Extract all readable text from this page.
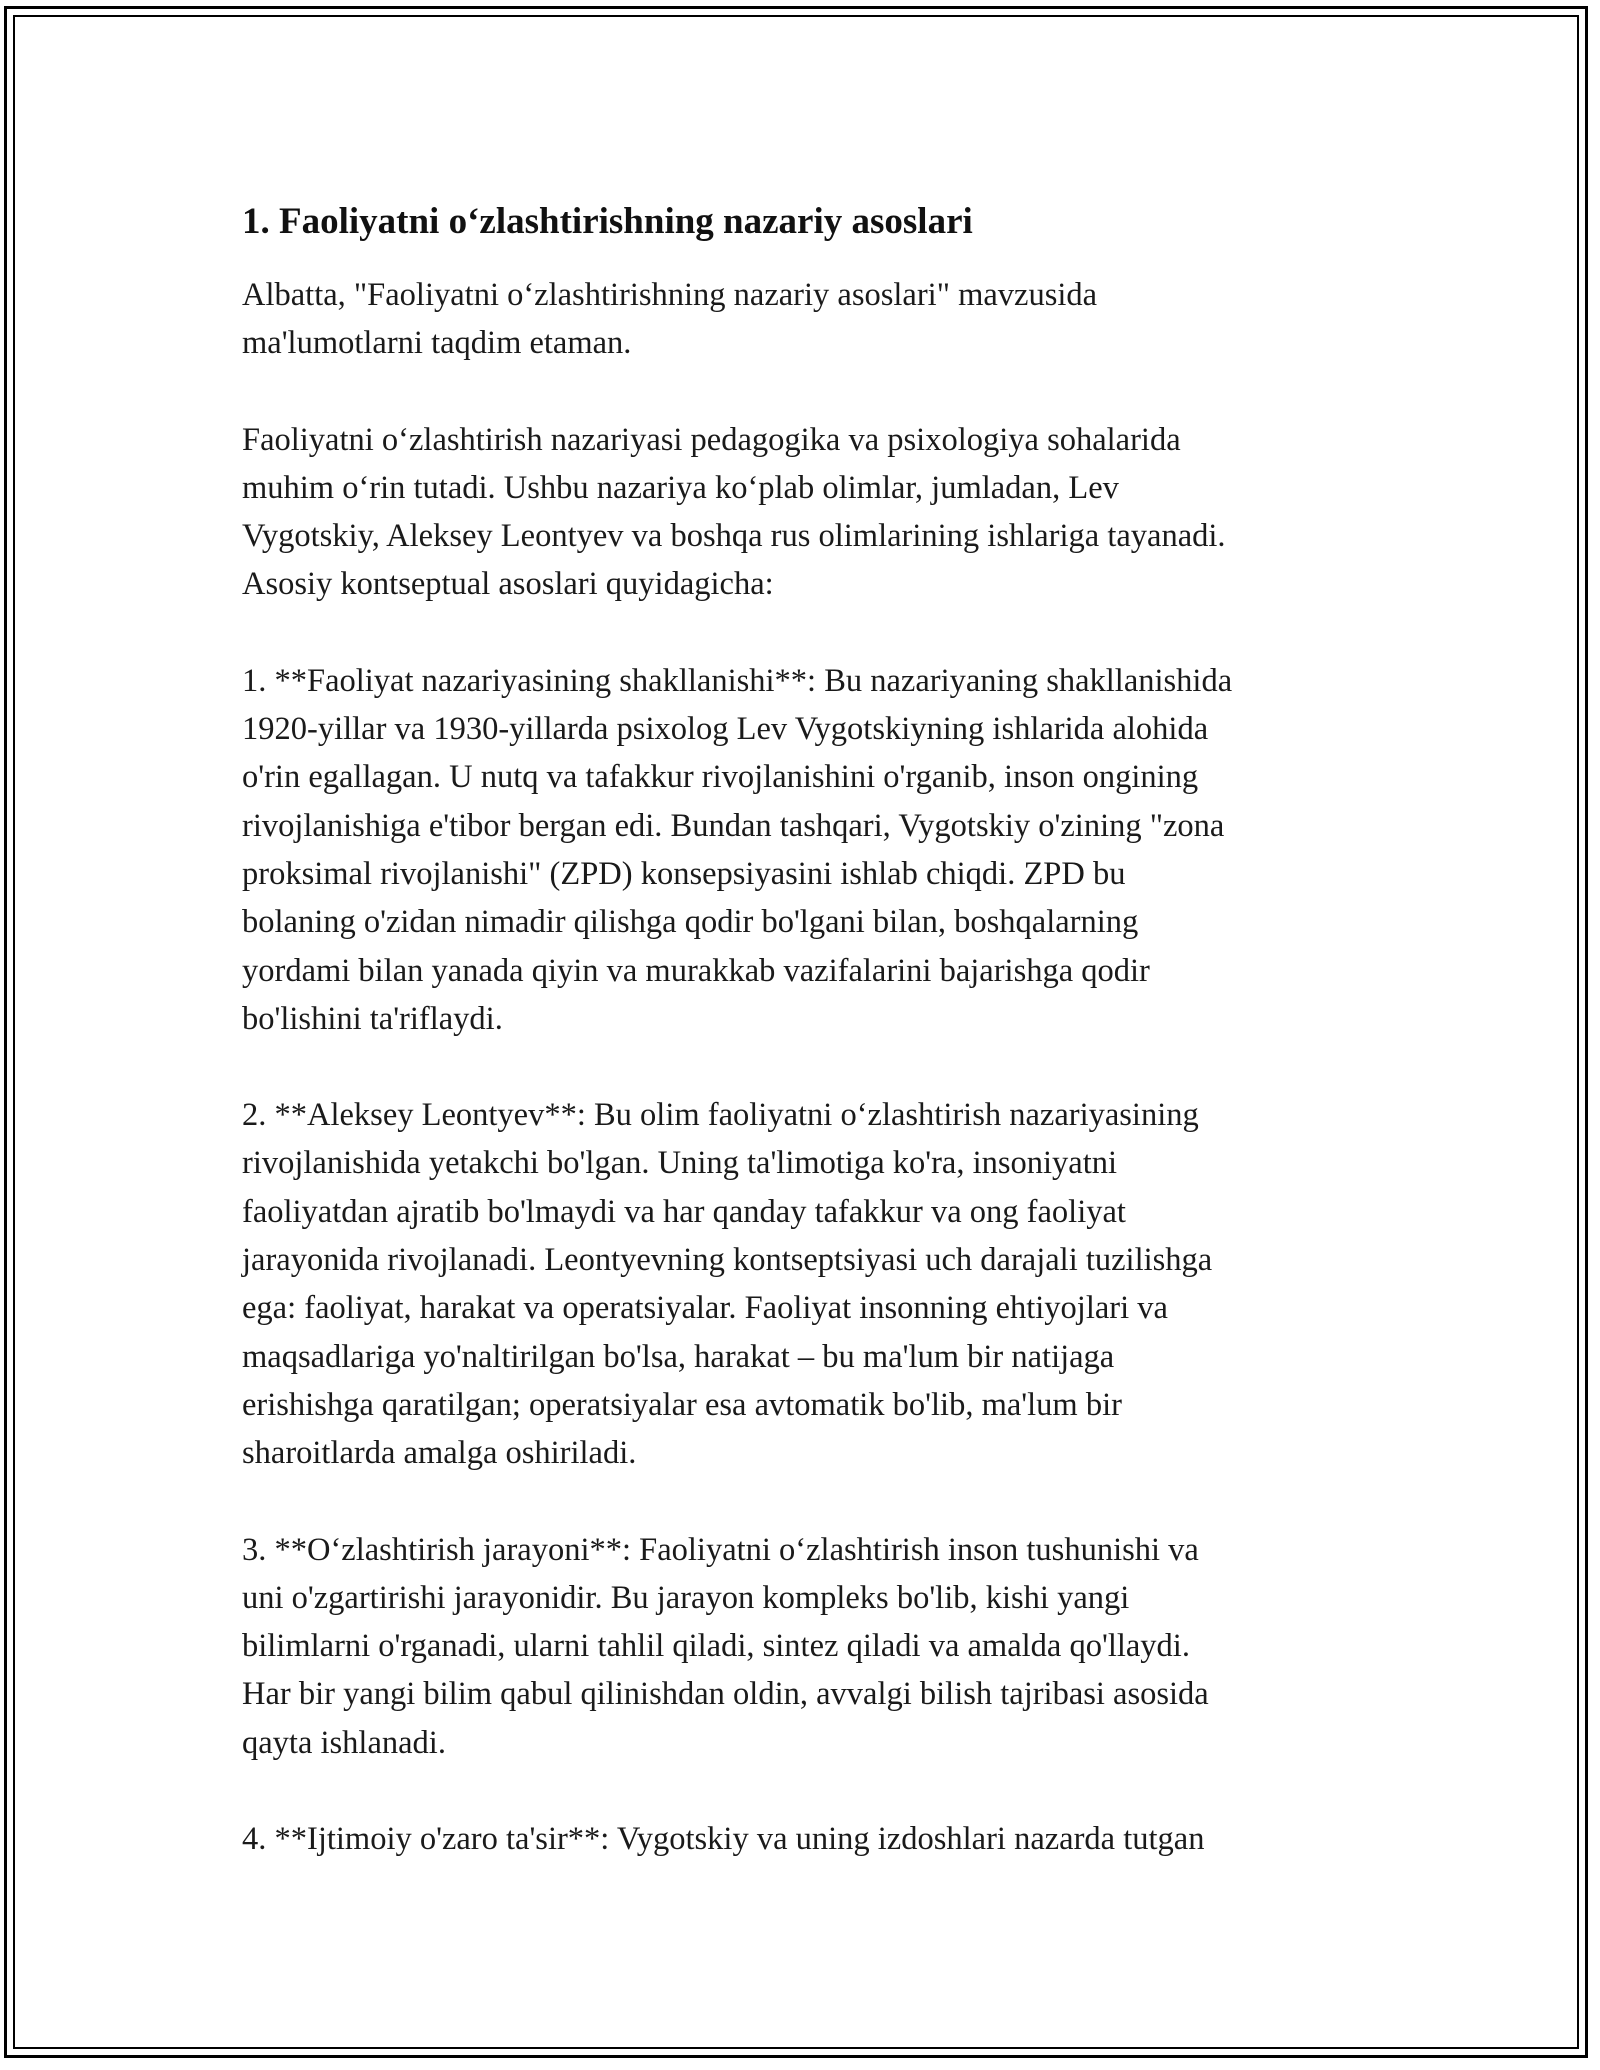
1. Faoliyatni o‘zlashtirishning nazariy asoslari
Albatta, "Faoliyatni o‘zlashtirishning nazariy asoslari" mavzusida
ma'lumotlarni taqdim etaman.
Faoliyatni o‘zlashtirish nazariyasi pedagogika va psixologiya sohalarida
muhim o‘rin tutadi. Ushbu nazariya ko‘plab olimlar, jumladan, Lev
Vygotskiy, Aleksey Leontyev va boshqa rus olimlarining ishlariga tayanadi.
Asosiy kontseptual asoslari quyidagicha:
1. **Faoliyat nazariyasining shakllanishi**: Bu nazariyaning shakllanishida
1920-yillar va 1930-yillarda psixolog Lev Vygotskiyning ishlarida alohida
o'rin egallagan. U nutq va tafakkur rivojlanishini o'rganib, inson ongining
rivojlanishiga e'tibor bergan edi. Bundan tashqari, Vygotskiy o'zining "zona
proksimal rivojlanishi" (ZPD) konsepsiyasini ishlab chiqdi. ZPD bu
bolaning o'zidan nimadir qilishga qodir bo'lgani bilan, boshqalarning
yordami bilan yanada qiyin va murakkab vazifalarini bajarishga qodir
bo'lishini ta'riflaydi.
2. **Aleksey Leontyev**: Bu olim faoliyatni o‘zlashtirish nazariyasining
rivojlanishida yetakchi bo'lgan. Uning ta'limotiga ko'ra, insoniyatni
faoliyatdan ajratib bo'lmaydi va har qanday tafakkur va ong faoliyat
jarayonida rivojlanadi. Leontyevning kontseptsiyasi uch darajali tuzilishga
ega: faoliyat, harakat va operatsiyalar. Faoliyat insonning ehtiyojlari va
maqsadlariga yo'naltirilgan bo'lsa, harakat – bu ma'lum bir natijaga
erishishga qaratilgan; operatsiyalar esa avtomatik bo'lib, ma'lum bir
sharoitlarda amalga oshiriladi.
3. **O‘zlashtirish jarayoni**: Faoliyatni o‘zlashtirish inson tushunishi va
uni o'zgartirishi jarayonidir. Bu jarayon kompleks bo'lib, kishi yangi
bilimlarni o'rganadi, ularni tahlil qiladi, sintez qiladi va amalda qo'llaydi.
Har bir yangi bilim qabul qilinishdan oldin, avvalgi bilish tajribasi asosida
qayta ishlanadi.
4. **Ijtimoiy o'zaro ta'sir**: Vygotskiy va uning izdoshlari nazarda tutgan
